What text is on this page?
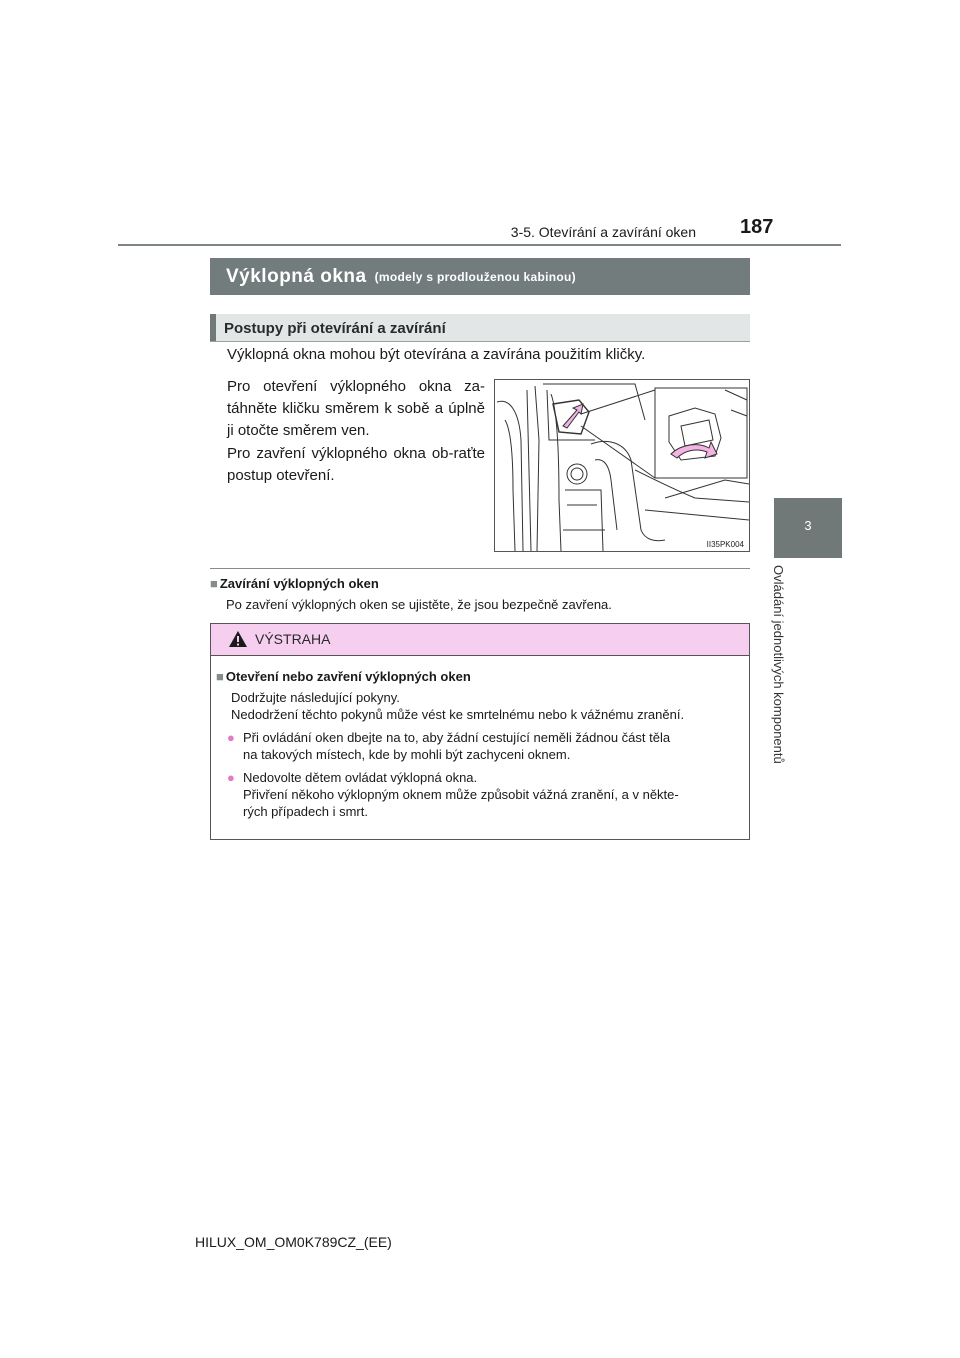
3-5. Otevírání a zavírání oken 187
3
Ovládání jednotlivých komponentů
Výklopná okna (modely s prodlouženou kabinou)
Postupy při otevírání a zavírání
Výklopná okna mohou být otevírána a zavírána použitím kličky.
Pro otevření výklopného okna za-táhněte kličku směrem k sobě a úplně ji otočte směrem ven.
Pro zavření výklopného okna ob-raťte postup otevření.
II35PK004
■ Zavírání výklopných oken
Po zavření výklopných oken se ujistěte, že jsou bezpečně zavřena.
VÝSTRAHA
■ Otevření nebo zavření výklopných oken
Dodržujte následující pokyny.
Nedodržení těchto pokynů může vést ke smrtelnému nebo k vážnému zranění.
● Při ovládání oken dbejte na to, aby žádní cestující neměli žádnou část těla
na takových místech, kde by mohli být zachyceni oknem.
● Nedovolte dětem ovládat výklopná okna.
Přivření někoho výklopným oknem může způsobit vážná zranění, a v někte-
rých případech i smrt.
HILUX_OM_OM0K789CZ_(EE)
